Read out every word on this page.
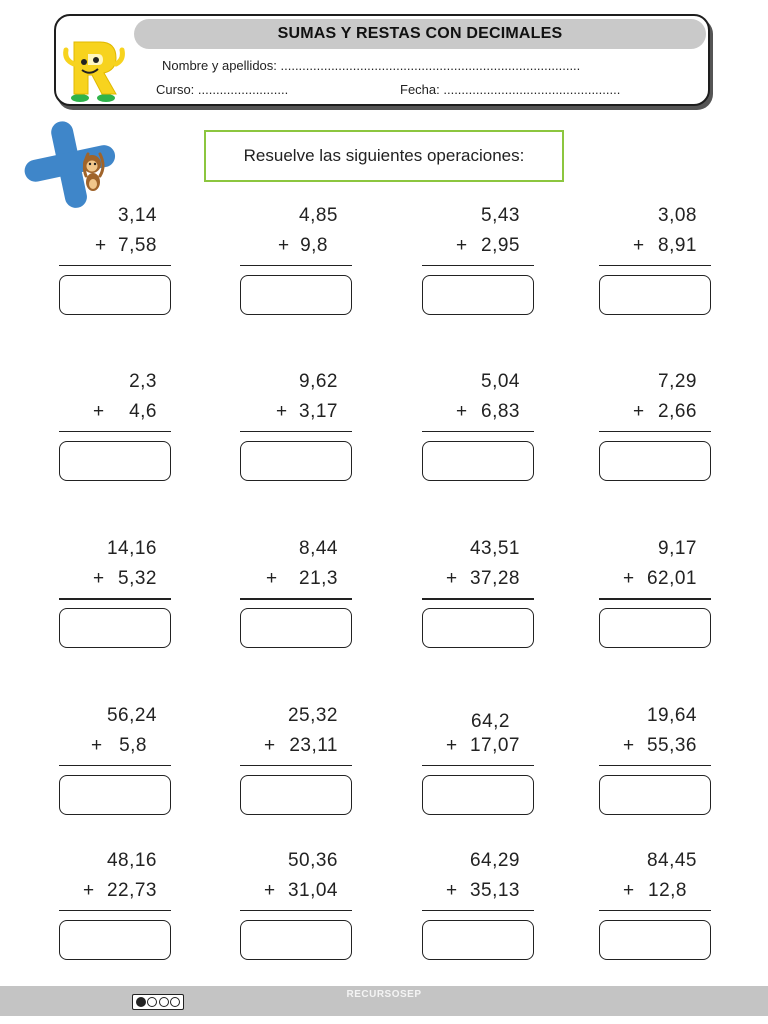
SUMAS Y RESTAS CON DECIMALES
Nombre y apellidos: ...................................................................................
Curso: .........................	Fecha: .................................................
Resuelve las siguientes operaciones:
3,14
+ 7,58
4,85
+ 9,8
5,43
+ 2,95
3,08
+ 8,91
2,3
+ 4,6
9,62
+ 3,17
5,04
+ 6,83
7,29
+ 2,66
14,16
+ 5,32
8,44
+ 21,3
43,51
+ 37,28
9,17
+ 62,01
56,24
+ 5,8
25,32
+ 23,11
64,2
+ 17,07
19,64
+ 55,36
48,16
+ 22,73
50,36
+ 31,04
64,29
+ 35,13
84,45
+ 12,8
RECURSOSEP
